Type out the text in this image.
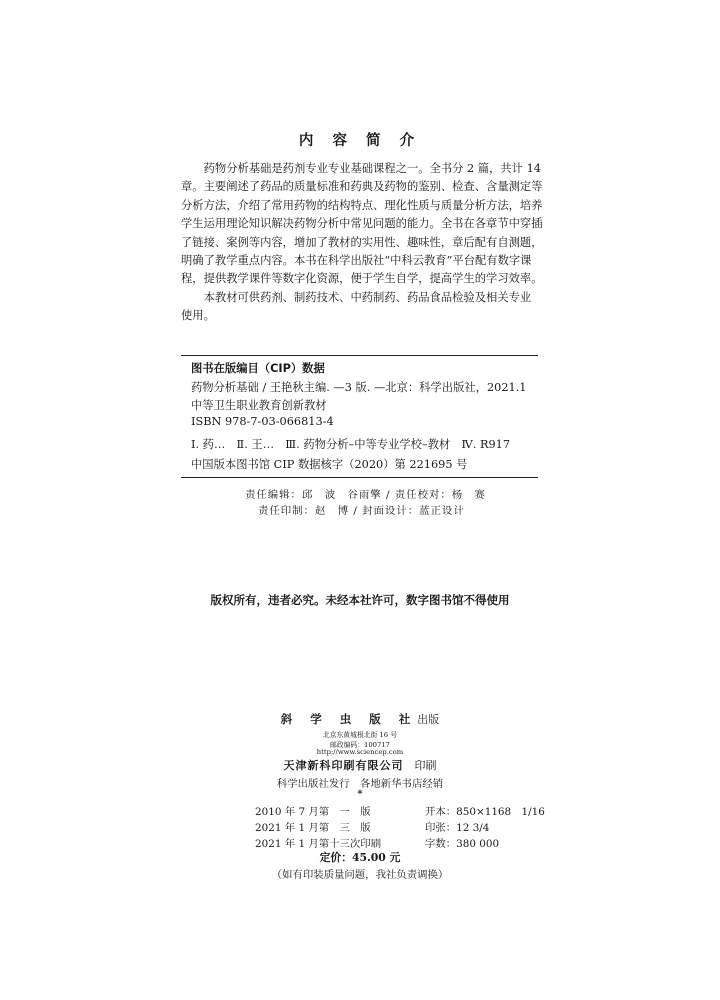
内 容 简 介
　　药物分析基础是药剂专业专业基础课程之一。全书分 2 篇，共计 14
章。主要阐述了药品的质量标准和药典及药物的鉴别、检查、含量测定等
分析方法，介绍了常用药物的结构特点、理化性质与质量分析方法，培养
学生运用理论知识解决药物分析中常见问题的能力。全书在各章节中穿插
了链接、案例等内容，增加了教材的实用性、趣味性，章后配有自测题，
明确了教学重点内容。本书在科学出版社“中科云教育”平台配有数字课
程，提供教学课件等数字化资源，便于学生自学，提高学生的学习效率。
　　本教材可供药剂、制药技术、中药制药、药品食品检验及相关专业
使用。
图书在版编目（CIP）数据
药物分析基础 / 王艳秋主编. —3 版. —北京：科学出版社，2021.1
中等卫生职业教育创新教材
ISBN 978-7-03-066813-4
Ⅰ. 药…　Ⅱ. 王…　Ⅲ. 药物分析–中等专业学校–教材　Ⅳ. R917
中国版本图书馆 CIP 数据核字（2020）第 221695 号
责任编辑：邱　波　谷雨擎 / 责任校对：杨　赛
责任印制：赵　博 / 封面设计：蓝正设计
版权所有，违者必究。未经本社许可，数字图书馆不得使用
斜 学 虫 版 社出版
北京东黄城根北街 16 号
邮政编码：100717
http://www.sciencep.com
天津新科印刷有限公司　 印刷
科学出版社发行　各地新华书店经销
*
2010 年 7 月第　一　版	开本：850×1168　1/16
2021 年 1 月第　三　版	印张：12 3/4
2021 年 1 月第十三次印刷	字数：380 000
定价：45.00 元
（如有印装质量问题，我社负责调换）
